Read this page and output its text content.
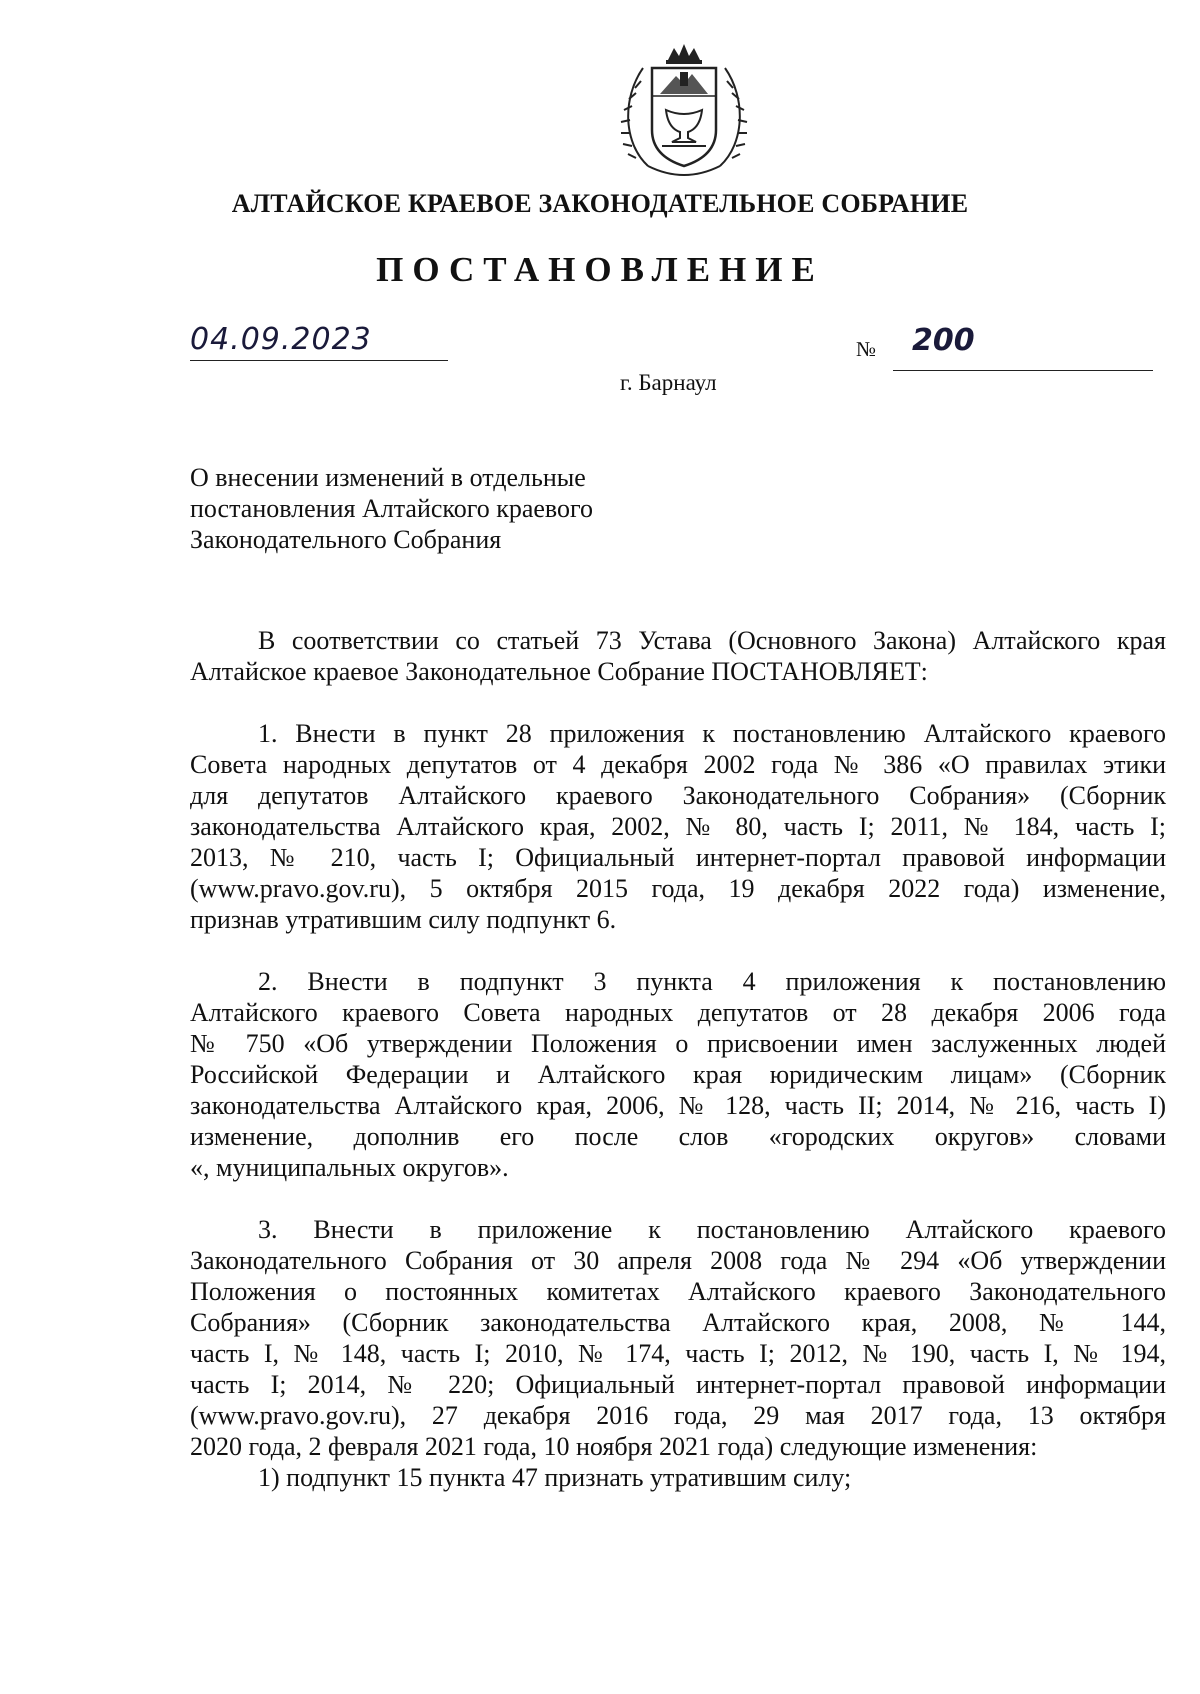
АЛТАЙСКОЕ КРАЕВОЕ ЗАКОНОДАТЕЛЬНОЕ СОБРАНИЕ
ПОСТАНОВЛЕНИЕ
04.09.2023	№ 200
г. Барнаул
О внесении изменений в отдельные
постановления Алтайского краевого
Законодательного Собрания
В соответствии со статьей 73 Устава (Основного Закона) Алтайского края
Алтайское краевое Законодательное Собрание ПОСТАНОВЛЯЕТ:
1. Внести в пункт 28 приложения к постановлению Алтайского краевого
Совета народных депутатов от 4 декабря 2002 года № 386 «О правилах этики
для депутатов Алтайского краевого Законодательного Собрания» (Сборник
законодательства Алтайского края, 2002, № 80, часть I; 2011, № 184, часть I;
2013, № 210, часть I; Официальный интернет-портал правовой информации
(www.pravo.gov.ru), 5 октября 2015 года, 19 декабря 2022 года) изменение,
признав утратившим силу подпункт 6.
2. Внести в подпункт 3 пункта 4 приложения к постановлению
Алтайского краевого Совета народных депутатов от 28 декабря 2006 года
№ 750 «Об утверждении Положения о присвоении имен заслуженных людей
Российской Федерации и Алтайского края юридическим лицам» (Сборник
законодательства Алтайского края, 2006, № 128, часть II; 2014, № 216, часть I)
изменение, дополнив его после слов «городских округов» словами
«, муниципальных округов».
3. Внести в приложение к постановлению Алтайского краевого
Законодательного Собрания от 30 апреля 2008 года № 294 «Об утверждении
Положения о постоянных комитетах Алтайского краевого Законодательного
Собрания» (Сборник законодательства Алтайского края, 2008, № 144,
часть I, № 148, часть I; 2010, № 174, часть I; 2012, № 190, часть I, № 194,
часть I; 2014, № 220; Официальный интернет-портал правовой информации
(www.pravo.gov.ru), 27 декабря 2016 года, 29 мая 2017 года, 13 октября
2020 года, 2 февраля 2021 года, 10 ноября 2021 года) следующие изменения:
1) подпункт 15 пункта 47 признать утратившим силу;
